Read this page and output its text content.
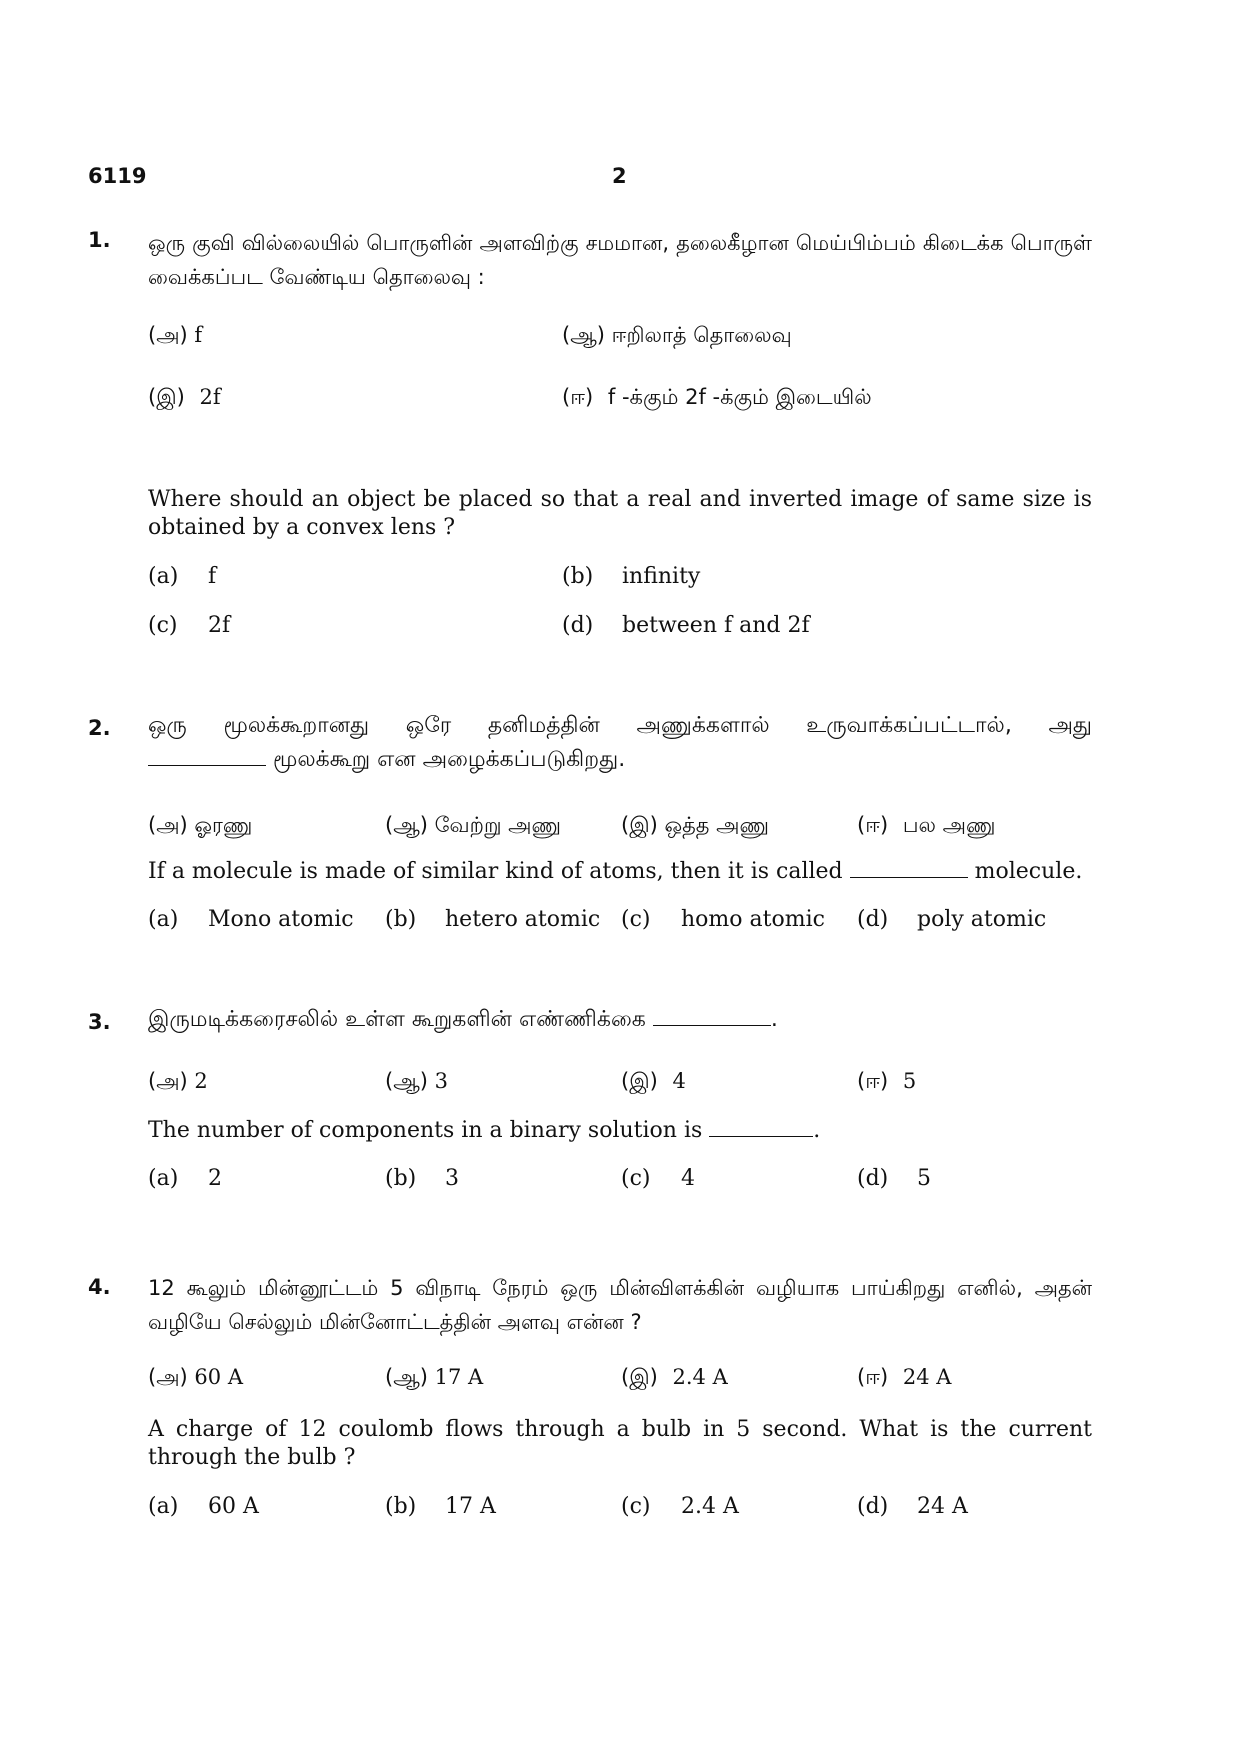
6119	2
1. ஒரு குவி வில்லையில் பொருளின் அளவிற்கு சமமான, தலைகீழான மெய்பிம்பம் கிடைக்க பொருள் வைக்கப்பட வேண்டிய தொலைவு :

(அ) f	(ஆ) ஈறிலாத் தொலைவு
(இ) 2f	(ஈ) f -க்கும் 2f -க்கும் இடையில்

Where should an object be placed so that a real and inverted image of same size is obtained by a convex lens ?

(a) f	(b) infinity
(c) 2f	(d) between f and 2f
2. ஒரு மூலக்கூறானது ஒரே தனிமத்தின் அணுக்களால் உருவாக்கப்பட்டால், அது
மூலக்கூறு என அழைக்கப்படுகிறது.
(அ) ஓரணு	(ஆ) வேற்று அணு	(இ) ஒத்த அணு	(ஈ) பல அணு
If a molecule is made of similar kind of atoms, then it is called	molecule.
(a) Mono atomic (b) hetero atomic (c) homo atomic (d) poly atomic
3. இருமடிக்கரைசலில் உள்ள கூறுகளின் எண்ணிக்கை	.
(அ) 2	(ஆ) 3	(இ) 4	(ஈ) 5
The number of components in a binary solution is	.
(a) 2	(b) 3	(c) 4	(d) 5
4. 12 கூலும் மின்னூட்டம் 5 விநாடி நேரம் ஒரு மின்விளக்கின் வழியாக பாய்கிறது எனில், அதன் வழியே செல்லும் மின்னோட்டத்தின் அளவு என்ன ?

(அ) 60 A	(ஆ) 17 A	(இ) 2.4 A	(ஈ) 24 A

A charge of 12 coulomb flows through a bulb in 5 second. What is the current through the bulb ?

(a) 60 A	(b) 17 A	(c) 2.4 A	(d) 24 A
